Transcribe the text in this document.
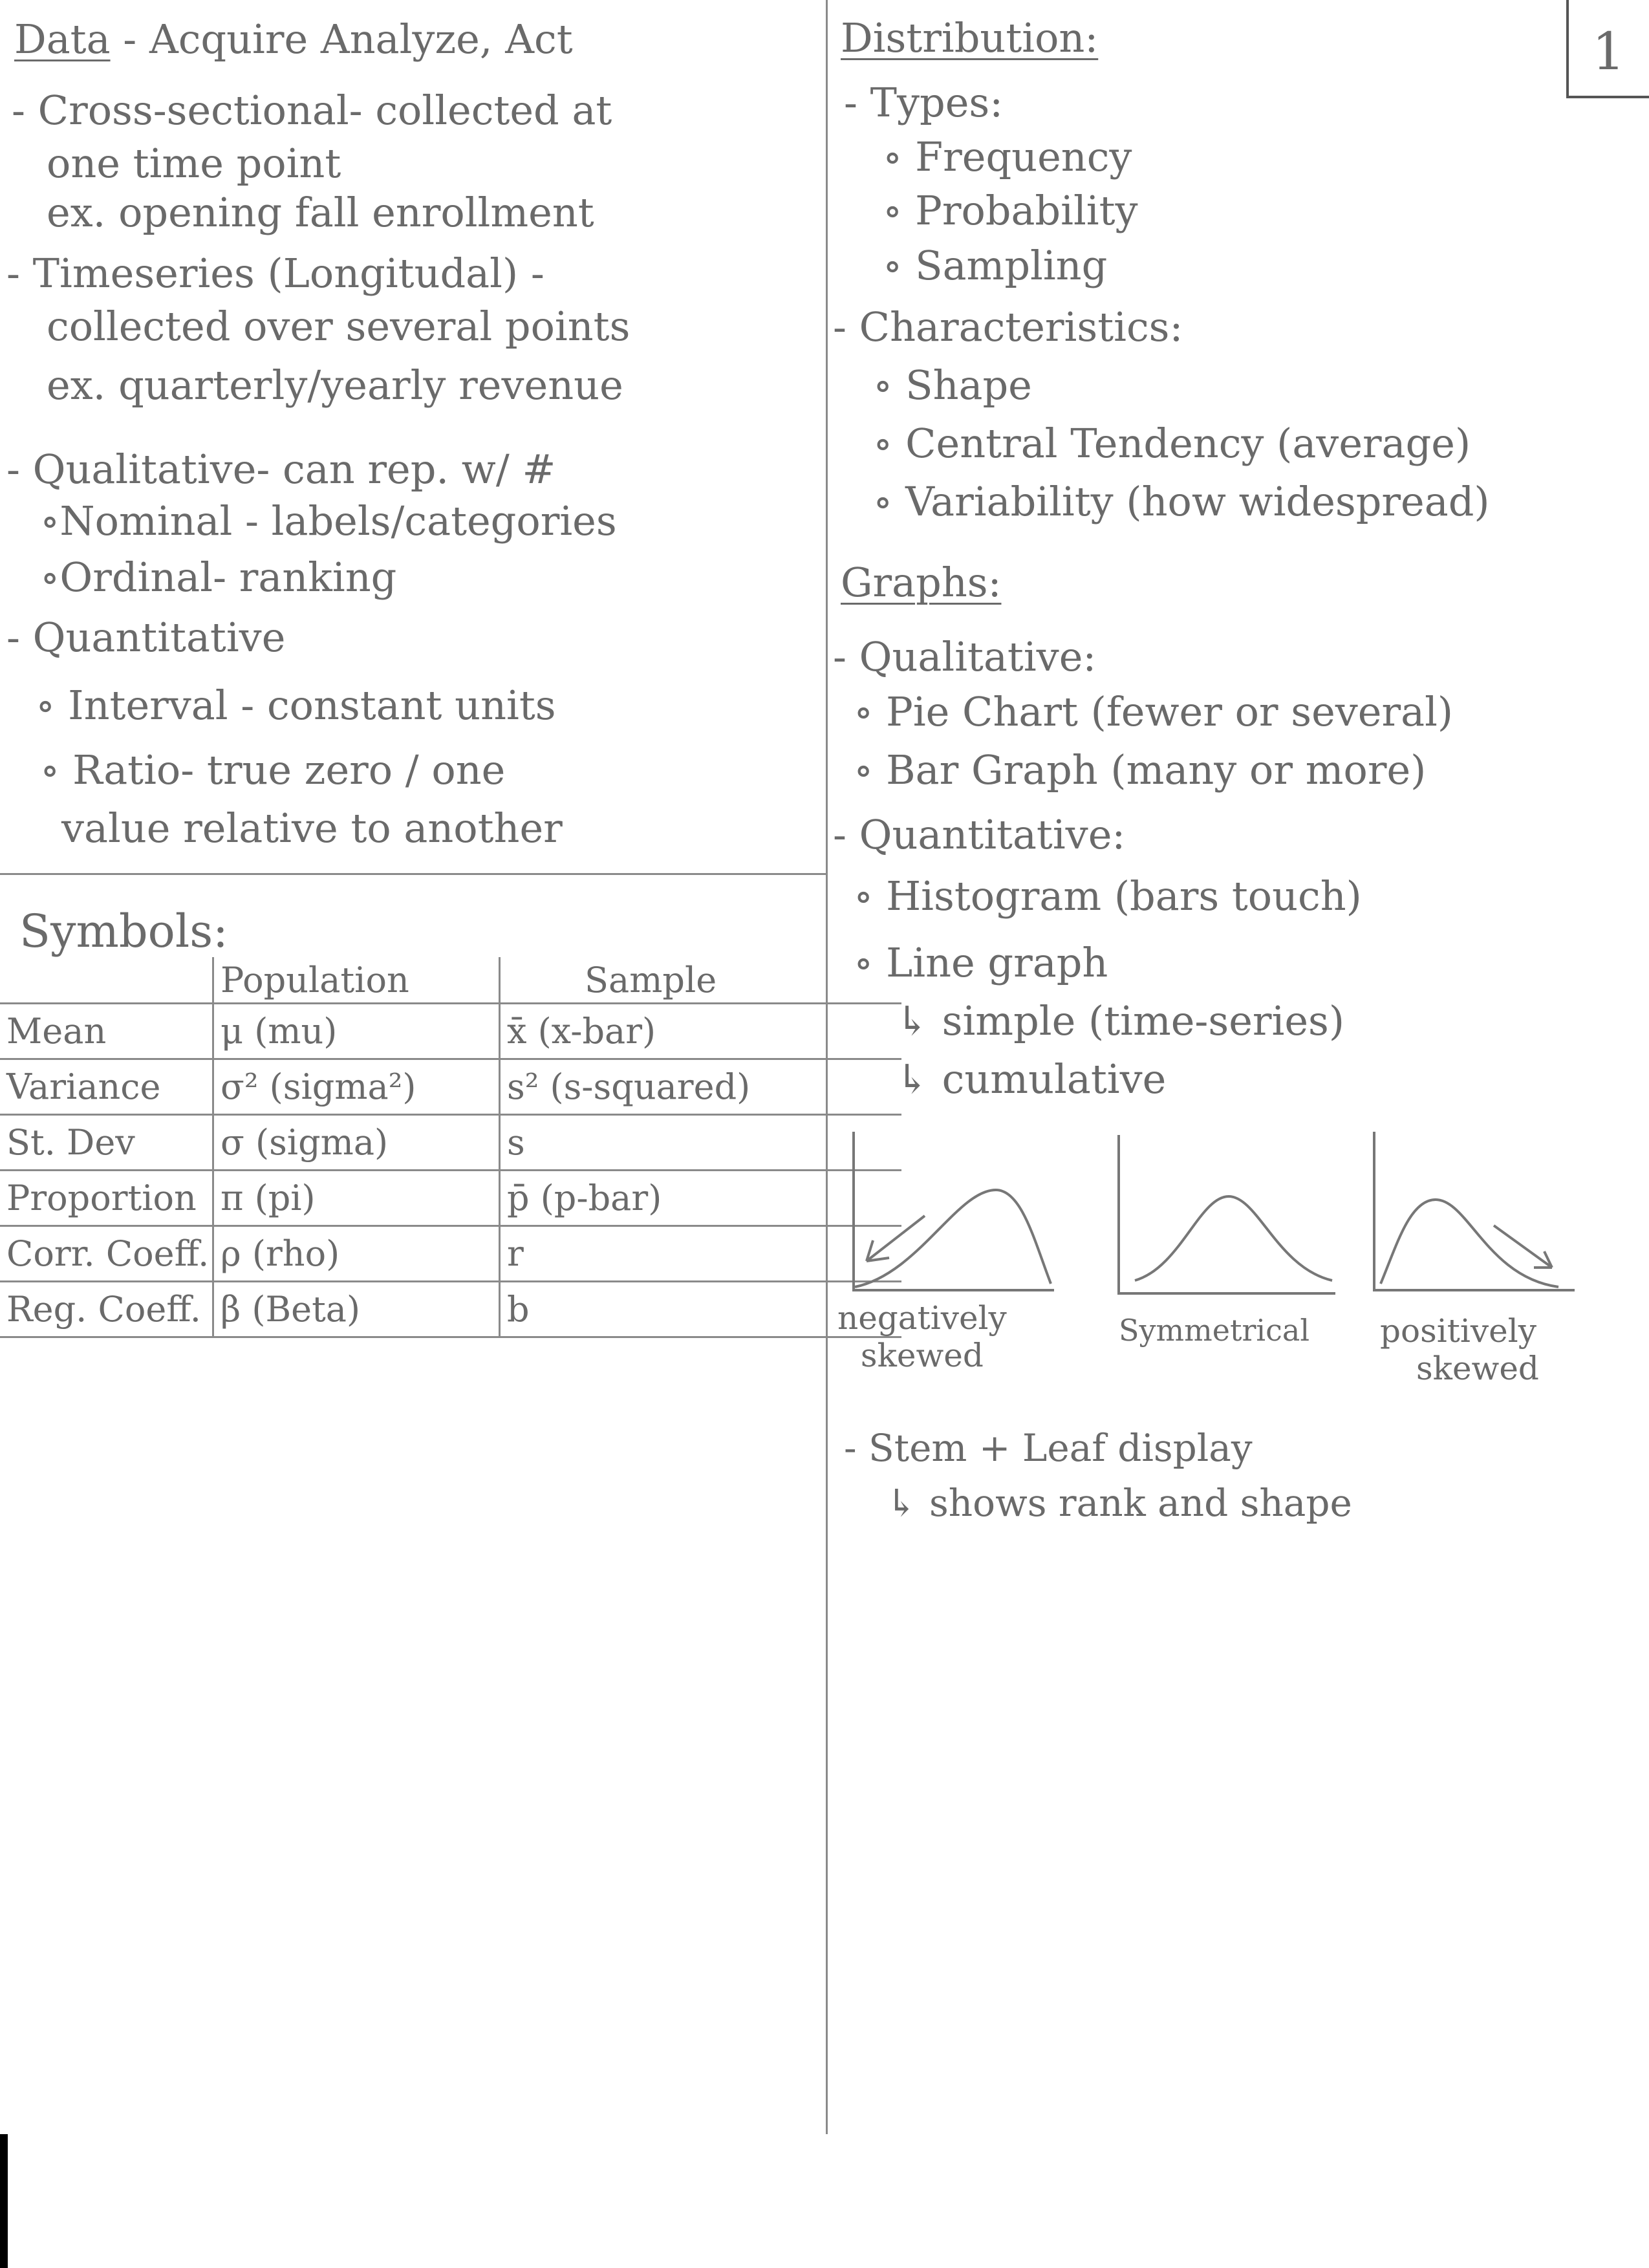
1
Data - Acquire Analyze, Act
- Cross-sectional- collected at
one time point
ex. opening fall enrollment
- Timeseries (Longitudal) -
collected over several points
ex. quarterly/yearly revenue
- Qualitative- can rep. w/ #
∘Nominal - labels/categories
∘Ordinal- ranking
- Quantitative
∘ Interval - constant units
∘ Ratio- true zero / one
value relative to another
Symbols:
	Population	Sample
Mean	μ (mu)	x̄ (x-bar)
Variance	σ² (sigma²)	s² (s-squared)
St. Dev	σ (sigma)	s
Proportion	π (pi)	p̄ (p-bar)
Corr. Coeff.	ρ (rho)	r
Reg. Coeff.	β (Beta)	b
Distribution:
- Types:
∘ Frequency
∘ Probability
∘ Sampling
- Characteristics:
∘ Shape
∘ Central Tendency (average)
∘ Variability (how widespread)
Graphs:
- Qualitative:
∘ Pie Chart (fewer or several)
∘ Bar Graph (many or more)
- Quantitative:
∘ Histogram (bars touch)
∘ Line graph
↳ simple (time-series)
↳ cumulative
negatively
skewed
Symmetrical positively
skewed
- Stem + Leaf display
↳ shows rank and shape
